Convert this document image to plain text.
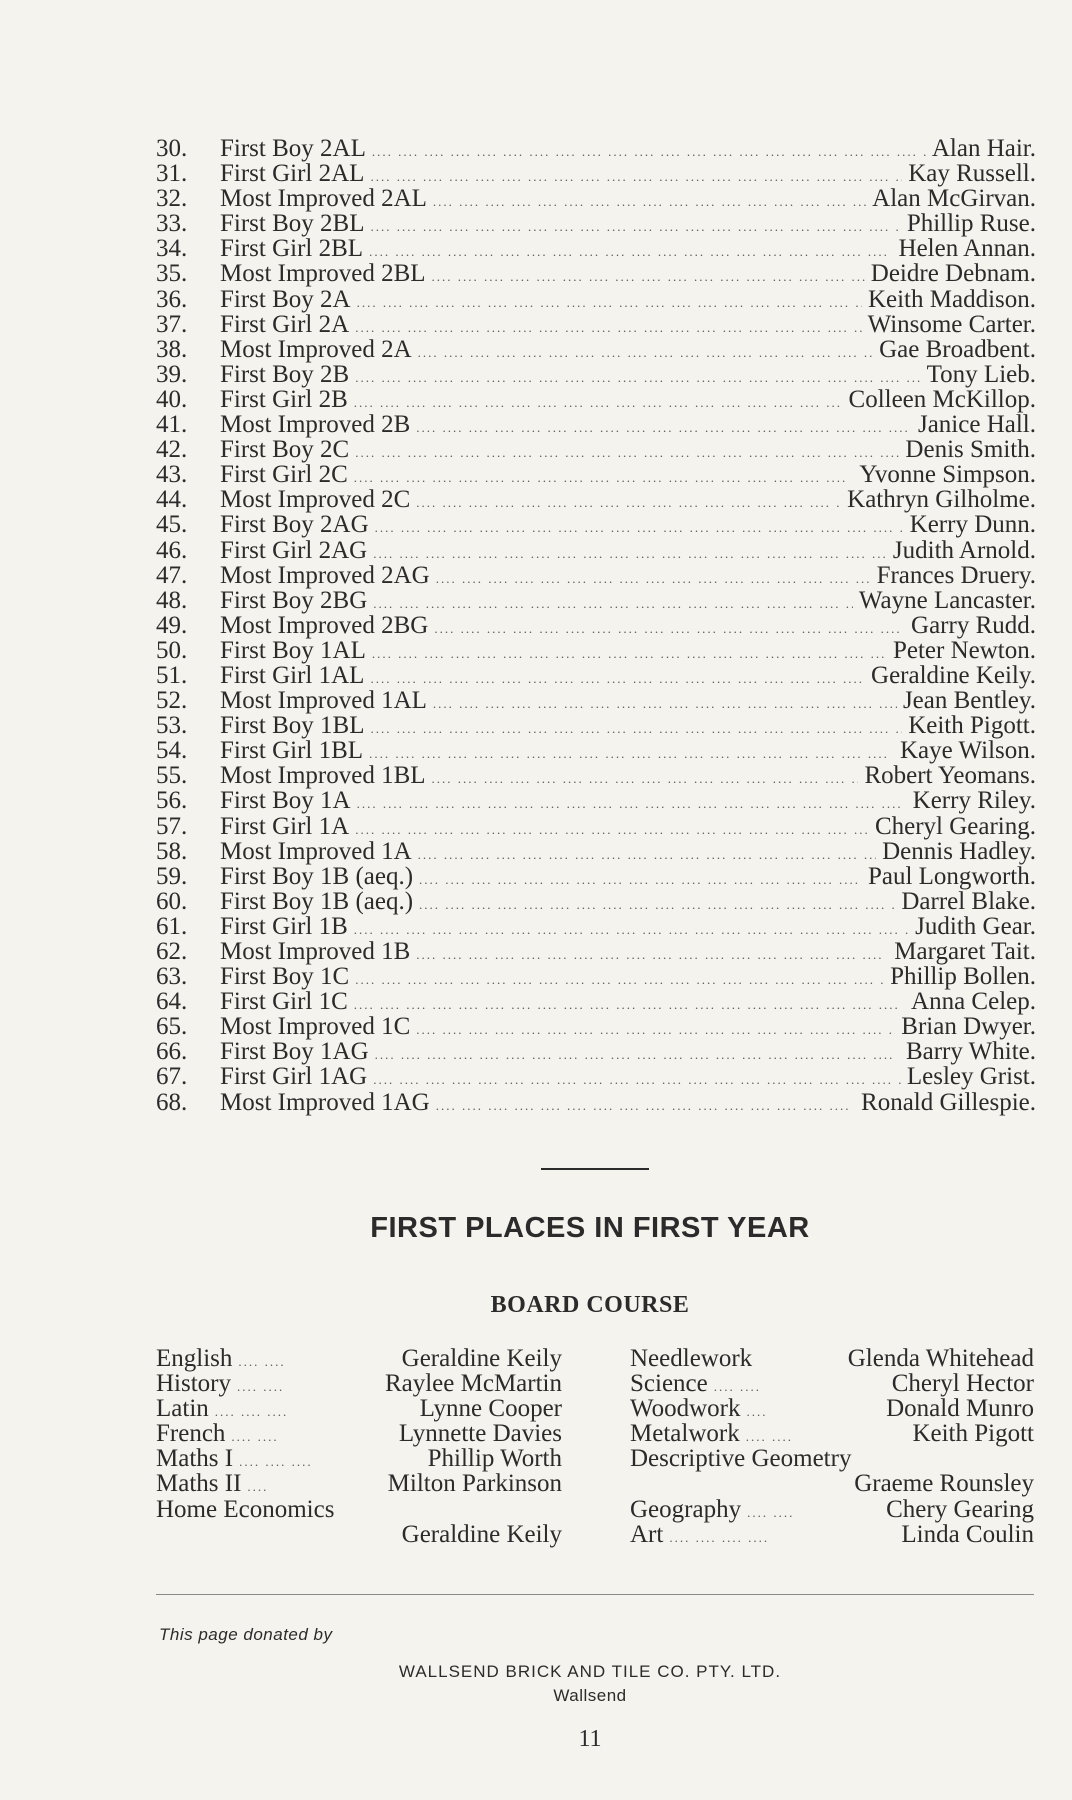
30.	First Boy 2AL ....	Alan Hair.
31.	First Girl 2AL ....	Kay Russell.
32.	Most Improved 2AL ....	Alan McGirvan.
33.	First Boy 2BL ....	Phillip Ruse.
34.	First Girl 2BL ....	Helen Annan.
35.	Most Improved 2BL ....	Deidre Debnam.
36.	First Boy 2A ....	Keith Maddison.
37.	First Girl 2A ....	Winsome Carter.
38.	Most Improved 2A ....	Gae Broadbent.
39.	First Boy 2B ....	Tony Lieb.
40.	First Girl 2B ....	Colleen McKillop.
41.	Most Improved 2B ....	Janice Hall.
42.	First Boy 2C ....	Denis Smith.
43.	First Girl 2C ....	Yvonne Simpson.
44.	Most Improved 2C ....	Kathryn Gilholme.
45.	First Boy 2AG ....	Kerry Dunn.
46.	First Girl 2AG ....	Judith Arnold.
47.	Most Improved 2AG ....	Frances Druery.
48.	First Boy 2BG ....	Wayne Lancaster.
49.	Most Improved 2BG ....	Garry Rudd.
50.	First Boy 1AL ....	Peter Newton.
51.	First Girl 1AL ....	Geraldine Keily.
52.	Most Improved 1AL ....	Jean Bentley.
53.	First Boy 1BL ....	Keith Pigott.
54.	First Girl 1BL ....	Kaye Wilson.
55.	Most Improved 1BL ....	Robert Yeomans.
56.	First Boy 1A ....	Kerry Riley.
57.	First Girl 1A ....	Cheryl Gearing.
58.	Most Improved 1A ....	Dennis Hadley.
59.	First Boy 1B (aeq.) ....	Paul Longworth.
60.	First Boy 1B (aeq.) ....	Darrel Blake.
61.	First Girl 1B ....	Judith Gear.
62.	Most Improved 1B ....	Margaret Tait.
63.	First Boy 1C ....	Phillip Bollen.
64.	First Girl 1C ....	Anna Celep.
65.	Most Improved 1C ....	Brian Dwyer.
66.	First Boy 1AG ....	Barry White.
67.	First Girl 1AG ....	Lesley Grist.
68.	Most Improved 1AG ....	Ronald Gillespie.
FIRST PLACES IN FIRST YEAR
BOARD COURSE
English .... ....	Geraldine Keily
History .... ....	Raylee McMartin
Latin .... .... ....	Lynne Cooper
French .... ....	Lynnette Davies
Maths I .... .... ....	Phillip Worth
Maths II ....	Milton Parkinson
Home Economics
Geraldine Keily
Needlework	Glenda Whitehead
Science .... ....	Cheryl Hector
Woodwork ....	Donald Munro
Metalwork .... ....	Keith Pigott
Descriptive Geometry
Graeme Rounsley
Geography .... ....	Chery Gearing
Art .... .... .... ....	Linda Coulin
This page donated by
WALLSEND BRICK AND TILE CO. PTY. LTD.
Wallsend
11
